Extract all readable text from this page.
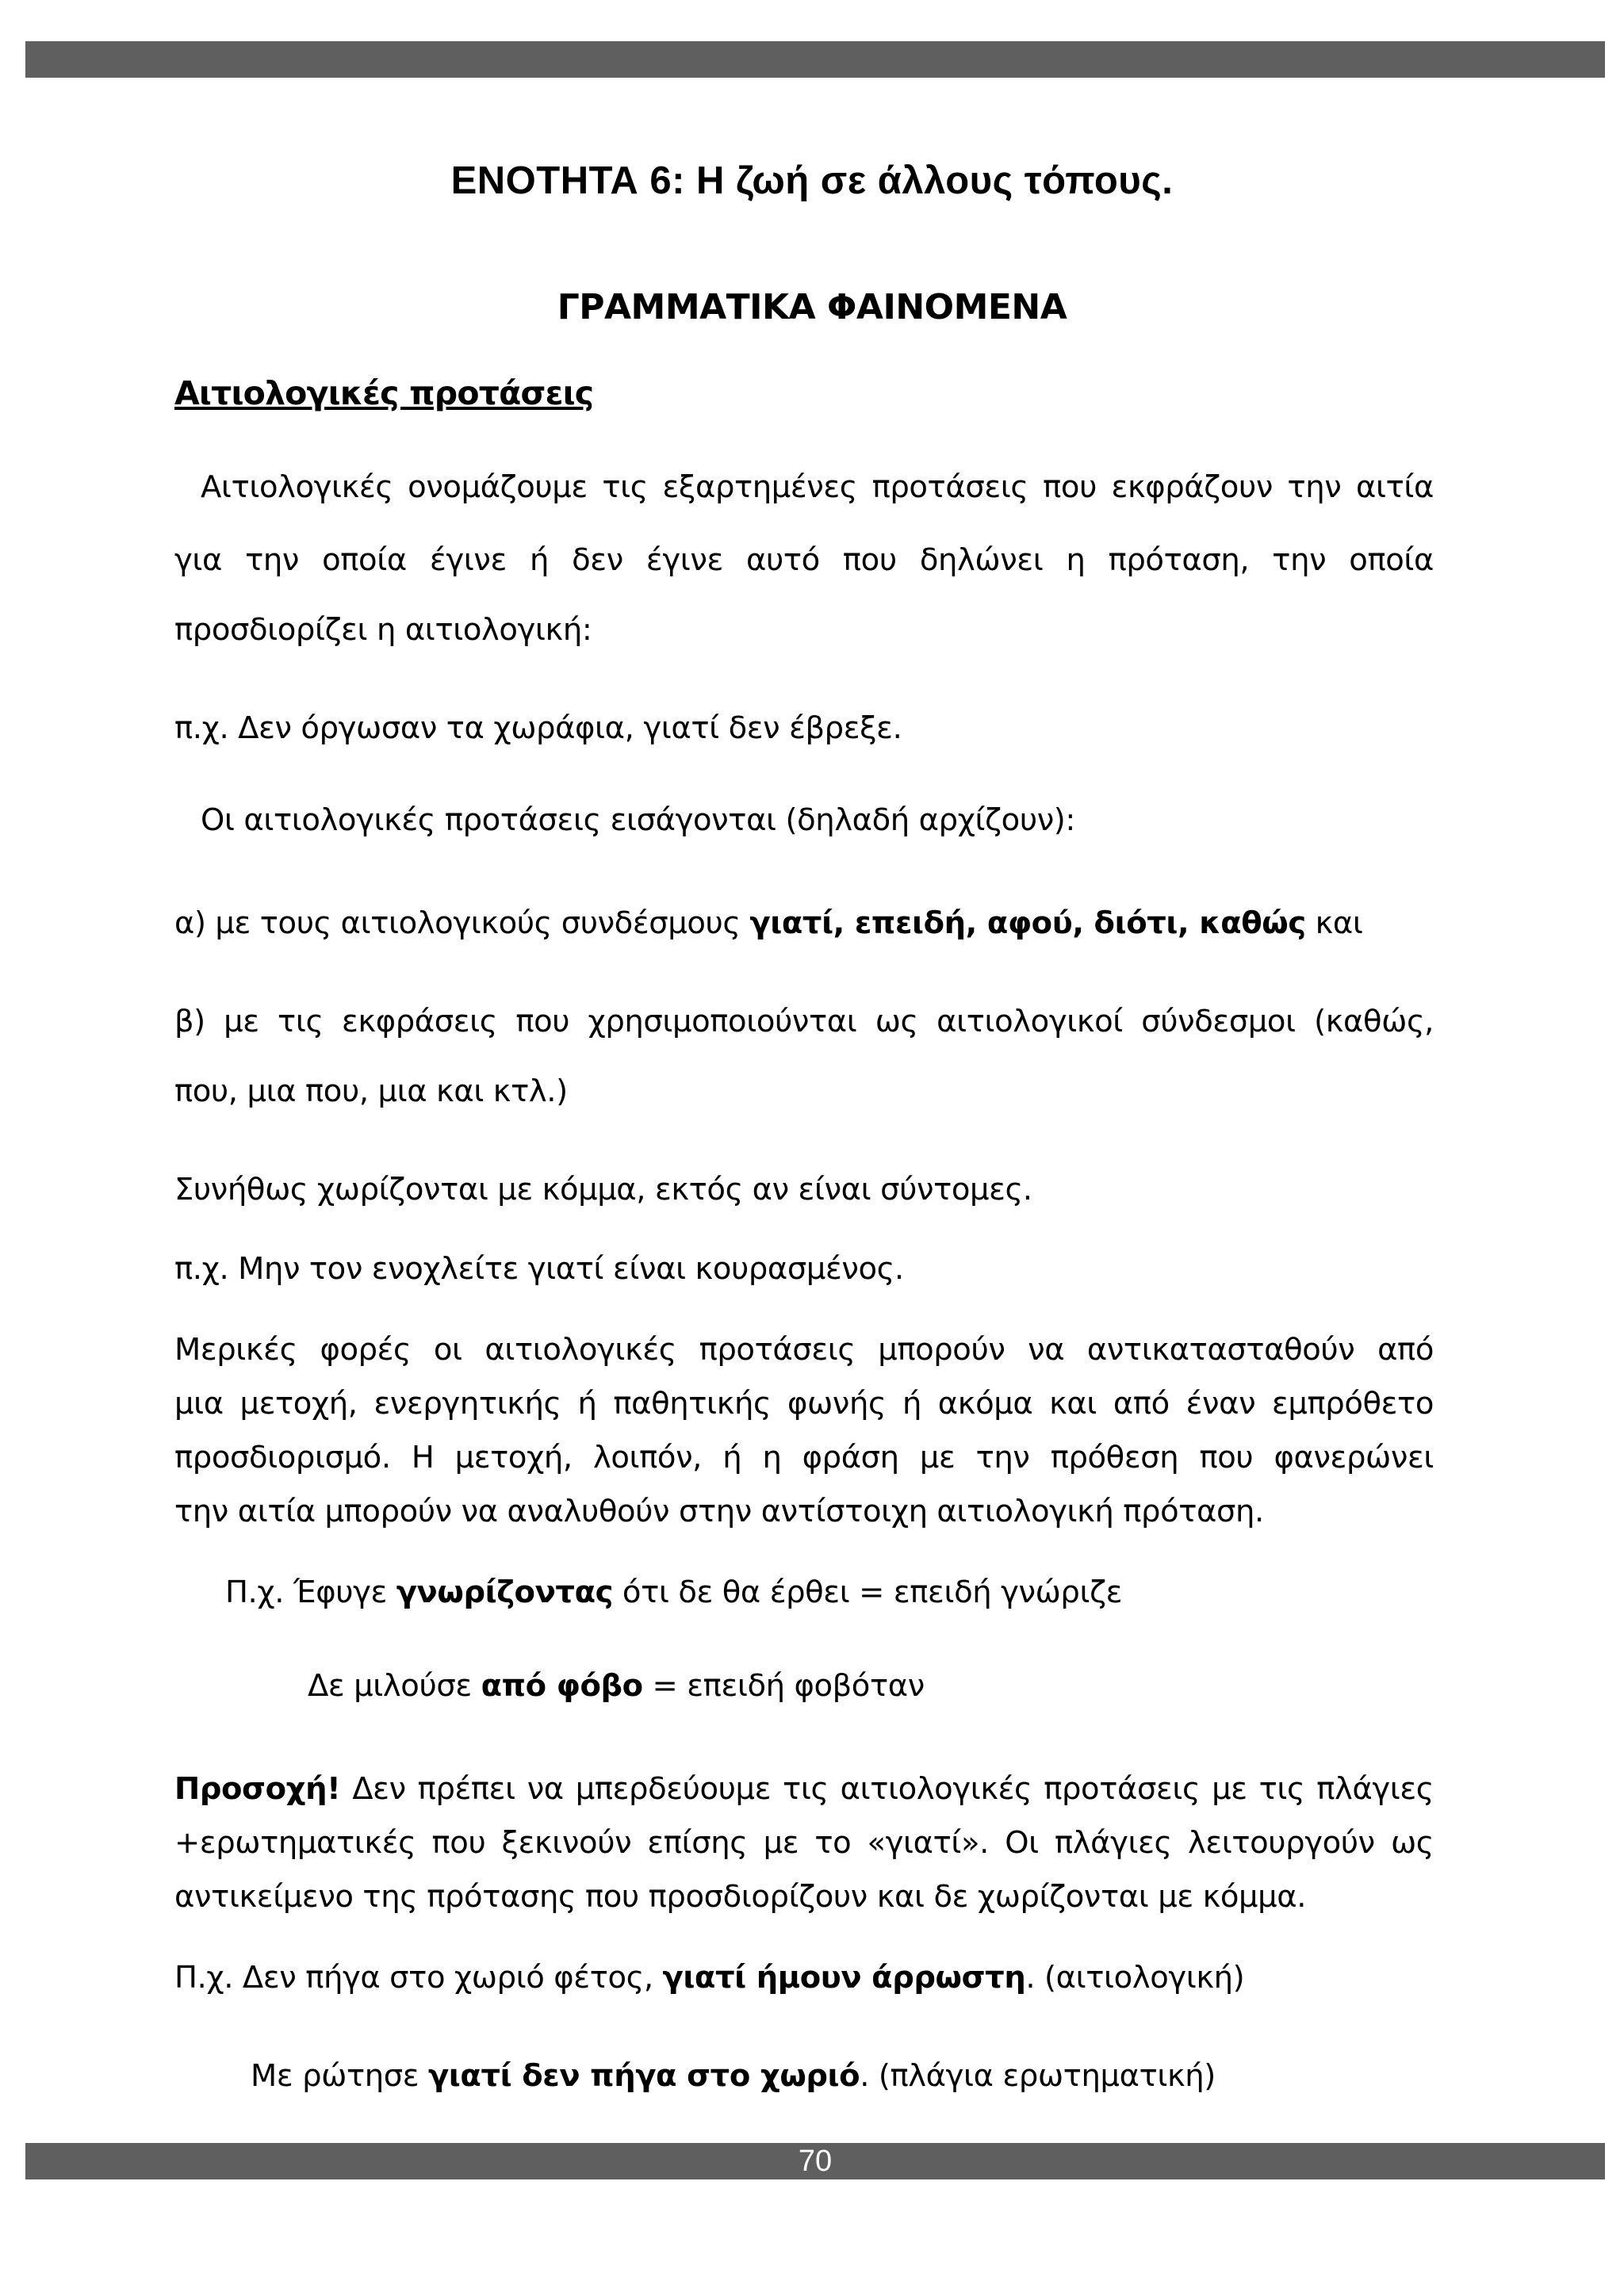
ΕΝΟΤΗΤΑ 6: Η ζωή σε άλλους τόπους.
ΓΡΑΜΜΑΤΙΚΑ ΦΑΙΝΟΜΕΝΑ
Αιτιολογικές προτάσεις
Αιτιολογικές ονομάζουμε τις εξαρτημένες προτάσεις που εκφράζουν την αιτία
για την οποία έγινε ή δεν έγινε αυτό που δηλώνει η πρόταση, την οποία
προσδιορίζει η αιτιολογική:
π.χ. Δεν όργωσαν τα χωράφια, γιατί δεν έβρεξε.
Οι αιτιολογικές προτάσεις εισάγονται (δηλαδή αρχίζουν):
α) με τους αιτιολογικούς συνδέσμους γιατί, επειδή, αφού, διότι, καθώς και
β) με τις εκφράσεις που χρησιμοποιούνται ως αιτιολογικοί σύνδεσμοι (καθώς,
που, μια που, μια και κτλ.)
Συνήθως χωρίζονται με κόμμα, εκτός αν είναι σύντομες.
π.χ. Μην τον ενοχλείτε γιατί είναι κουρασμένος.
Μερικές φορές οι αιτιολογικές προτάσεις μπορούν να αντικατασταθούν από
μια μετοχή, ενεργητικής ή παθητικής φωνής ή ακόμα και από έναν εμπρόθετο
προσδιορισμό. Η μετοχή, λοιπόν, ή η φράση με την πρόθεση που φανερώνει
την αιτία μπορούν να αναλυθούν στην αντίστοιχη αιτιολογική πρόταση.
Π.χ. Έφυγε γνωρίζοντας ότι δε θα έρθει = επειδή γνώριζε
Δε μιλούσε από φόβο = επειδή φοβόταν
Προσοχή! Δεν πρέπει να μπερδεύουμε τις αιτιολογικές προτάσεις με τις πλάγιες
+ερωτηματικές που ξεκινούν επίσης με το «γιατί». Οι πλάγιες λειτουργούν ως
αντικείμενο της πρότασης που προσδιορίζουν και δε χωρίζονται με κόμμα.
Π.χ. Δεν πήγα στο χωριό φέτος, γιατί ήμουν άρρωστη. (αιτιολογική)
Με ρώτησε γιατί δεν πήγα στο χωριό. (πλάγια ερωτηματική)
70
